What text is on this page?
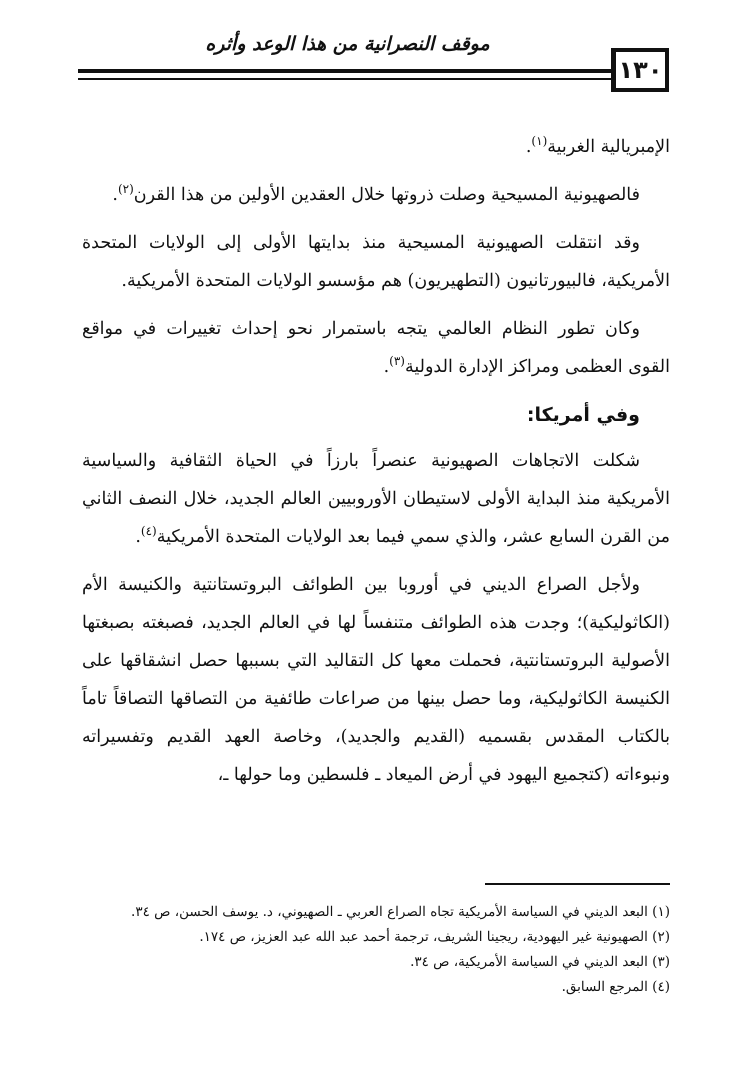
موقف النصرانية من هذا الوعد وأثره
١٣٠

الإمبريالية الغربية$^{(١)}$.

فالصهيونية المسيحية وصلت ذروتها خلال العقدين الأولين من هذا القرن$^{(٢)}$.

وقد انتقلت الصهيونية المسيحية منذ بدايتها الأولى إلى الولايات المتحدة الأمريكية، فالبيورتانيون (التطهيريون) هم مؤسسو الولايات المتحدة الأمريكية.

وكان تطور النظام العالمي يتجه باستمرار نحو إحداث تغييرات في مواقع القوى العظمى ومراكز الإدارة الدولية$^{(٣)}$.

وفي أمريكا:

شكلت الاتجاهات الصهيونية عنصراً بارزاً في الحياة الثقافية والسياسية الأمريكية منذ البداية الأولى لاستيطان الأوروبيين العالم الجديد، خلال النصف الثاني من القرن السابع عشر، والذي سمي فيما بعد الولايات المتحدة الأمريكية$^{(٤)}$.

ولأجل الصراع الديني في أوروبا بين الطوائف البروتستانتية والكنيسة الأم (الكاثوليكية)؛ وجدت هذه الطوائف متنفساً لها في العالم الجديد، فصبغته بصبغتها الأصولية البروتستانتية، فحملت معها كل التقاليد التي بسببها حصل انشقاقها على الكنيسة الكاثوليكية، وما حصل بينها من صراعات طائفية من التصاقها التصاقاً تاماً بالكتاب المقدس بقسميه (القديم والجديد)، وخاصة العهد القديم وتفسيراته ونبوءاته (كتجميع اليهود في أرض الميعاد ـ فلسطين وما حولها ـ،

(١) البعد الديني في السياسة الأمريكية تجاه الصراع العربي ـ الصهيوني، د. يوسف الحسن، ص ٣٤.

(٢) الصهيونية غير اليهودية، ريجينا الشريف، ترجمة أحمد عبد الله عبد العزيز، ص ١٧٤.

(٣) البعد الديني في السياسة الأمريكية، ص ٣٤.

(٤) المرجع السابق.
